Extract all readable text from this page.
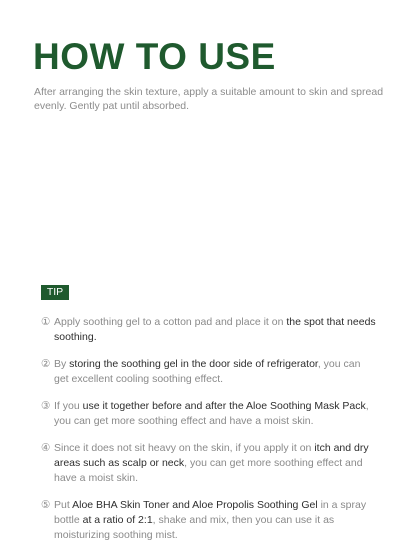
HOW TO USE

After arranging the skin texture, apply a suitable amount to skin and spread evenly. Gently pat until absorbed.

TIP
① Apply soothing gel to a cotton pad and place it on the spot that needs soothing.
② By storing the soothing gel in the door side of refrigerator, you can get excellent cooling soothing effect.
③ If you use it together before and after the Aloe Soothing Mask Pack, you can get more soothing effect and have a moist skin.
④ Since it does not sit heavy on the skin, if you apply it on itch and dry areas such as scalp or neck, you can get more soothing effect and have a moist skin.
⑤ Put Aloe BHA Skin Toner and Aloe Propolis Soothing Gel in a spray bottle at a ratio of 2:1, shake and mix, then you can use it as moisturizing soothing mist.
